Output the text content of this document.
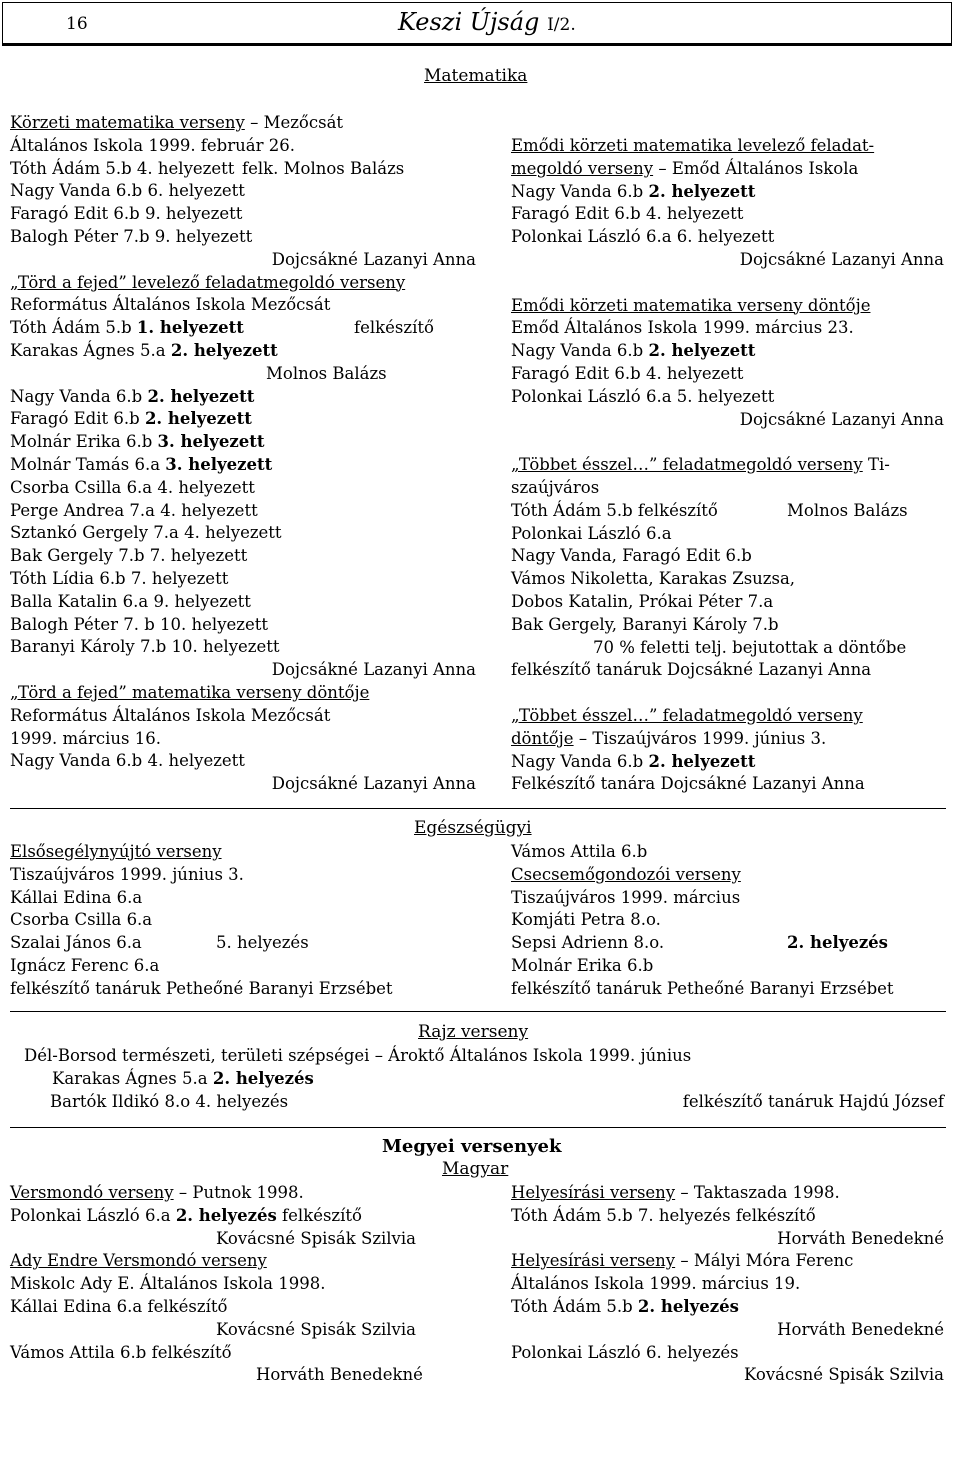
16	Keszi Újság I/2.
Matematika
Körzeti matematika verseny – Mezőcsát
Általános Iskola 1999. február 26.
Tóth Ádám 5.b 4. helyezett felk. Molnos Balázs
Nagy Vanda 6.b 6. helyezett
Faragó Edit 6.b 9. helyezett
Balogh Péter 7.b 9. helyezett
Dojcsákné Lazanyi Anna
„Törd a fejed” levelező feladatmegoldó verseny
Református Általános Iskola Mezőcsát
Tóth Ádám 5.b 1. helyezett	felkészítő
Karakas Ágnes 5.a 2. helyezett
Molnos Balázs
Nagy Vanda 6.b 2. helyezett
Faragó Edit 6.b 2. helyezett
Molnár Erika 6.b 3. helyezett
Molnár Tamás 6.a 3. helyezett
Csorba Csilla 6.a 4. helyezett
Perge Andrea 7.a 4. helyezett
Sztankó Gergely 7.a 4. helyezett
Bak Gergely 7.b 7. helyezett
Tóth Lídia 6.b 7. helyezett
Balla Katalin 6.a 9. helyezett
Balogh Péter 7. b 10. helyezett
Baranyi Károly 7.b 10. helyezett
Dojcsákné Lazanyi Anna
„Törd a fejed” matematika verseny döntője
Református Általános Iskola Mezőcsát
1999. március 16.
Nagy Vanda 6.b 4. helyezett
Dojcsákné Lazanyi Anna
Emődi körzeti matematika levelező feladat-
megoldó verseny – Emőd Általános Iskola
Nagy Vanda 6.b 2. helyezett
Faragó Edit 6.b 4. helyezett
Polonkai László 6.a 6. helyezett
Dojcsákné Lazanyi Anna
Emődi körzeti matematika verseny döntője
Emőd Általános Iskola 1999. március 23.
Nagy Vanda 6.b 2. helyezett
Faragó Edit 6.b 4. helyezett
Polonkai László 6.a 5. helyezett
Dojcsákné Lazanyi Anna
„Többet ésszel…” feladatmegoldó verseny Ti-
szaújváros
Tóth Ádám 5.b felkészítő	Molnos Balázs
Polonkai László 6.a
Nagy Vanda, Faragó Edit 6.b
Vámos Nikoletta, Karakas Zsuzsa,
Dobos Katalin, Prókai Péter 7.a
Bak Gergely, Baranyi Károly 7.b
70 % feletti telj. bejutottak a döntőbe
felkészítő tanáruk Dojcsákné Lazanyi Anna
„Többet ésszel…” feladatmegoldó verseny
döntője – Tiszaújváros 1999. június 3.
Nagy Vanda 6.b 2. helyezett
Felkészítő tanára Dojcsákné Lazanyi Anna
Egészségügyi
Elsősegélynyújtó verseny
Tiszaújváros 1999. június 3.
Kállai Edina 6.a
Csorba Csilla 6.a
Szalai János 6.a	5. helyezés
Ignácz Ferenc 6.a
felkészítő tanáruk Petheőné Baranyi Erzsébet
Vámos Attila 6.b
Csecsemőgondozói verseny
Tiszaújváros 1999. március
Komjáti Petra 8.o.
Sepsi Adrienn 8.o.	2. helyezés
Molnár Erika 6.b
felkészítő tanáruk Petheőné Baranyi Erzsébet
Rajz verseny
Dél-Borsod természeti, területi szépségei – Ároktő Általános Iskola 1999. június
Karakas Ágnes 5.a 2. helyezés
Bartók Ildikó 8.o 4. helyezés	felkészítő tanáruk Hajdú József
Megyei versenyek
Magyar
Versmondó verseny – Putnok 1998.
Polonkai László 6.a 2. helyezés felkészítő
Kovácsné Spisák Szilvia
Ady Endre Versmondó verseny
Miskolc Ady E. Általános Iskola 1998.
Kállai Edina 6.a felkészítő
Kovácsné Spisák Szilvia
Vámos Attila 6.b felkészítő
Horváth Benedekné
Helyesírási verseny – Taktaszada 1998.
Tóth Ádám 5.b 7. helyezés felkészítő
Horváth Benedekné
Helyesírási verseny – Mályi Móra Ferenc
Általános Iskola 1999. március 19.
Tóth Ádám 5.b 2. helyezés
Horváth Benedekné
Polonkai László 6. helyezés
Kovácsné Spisák Szilvia
